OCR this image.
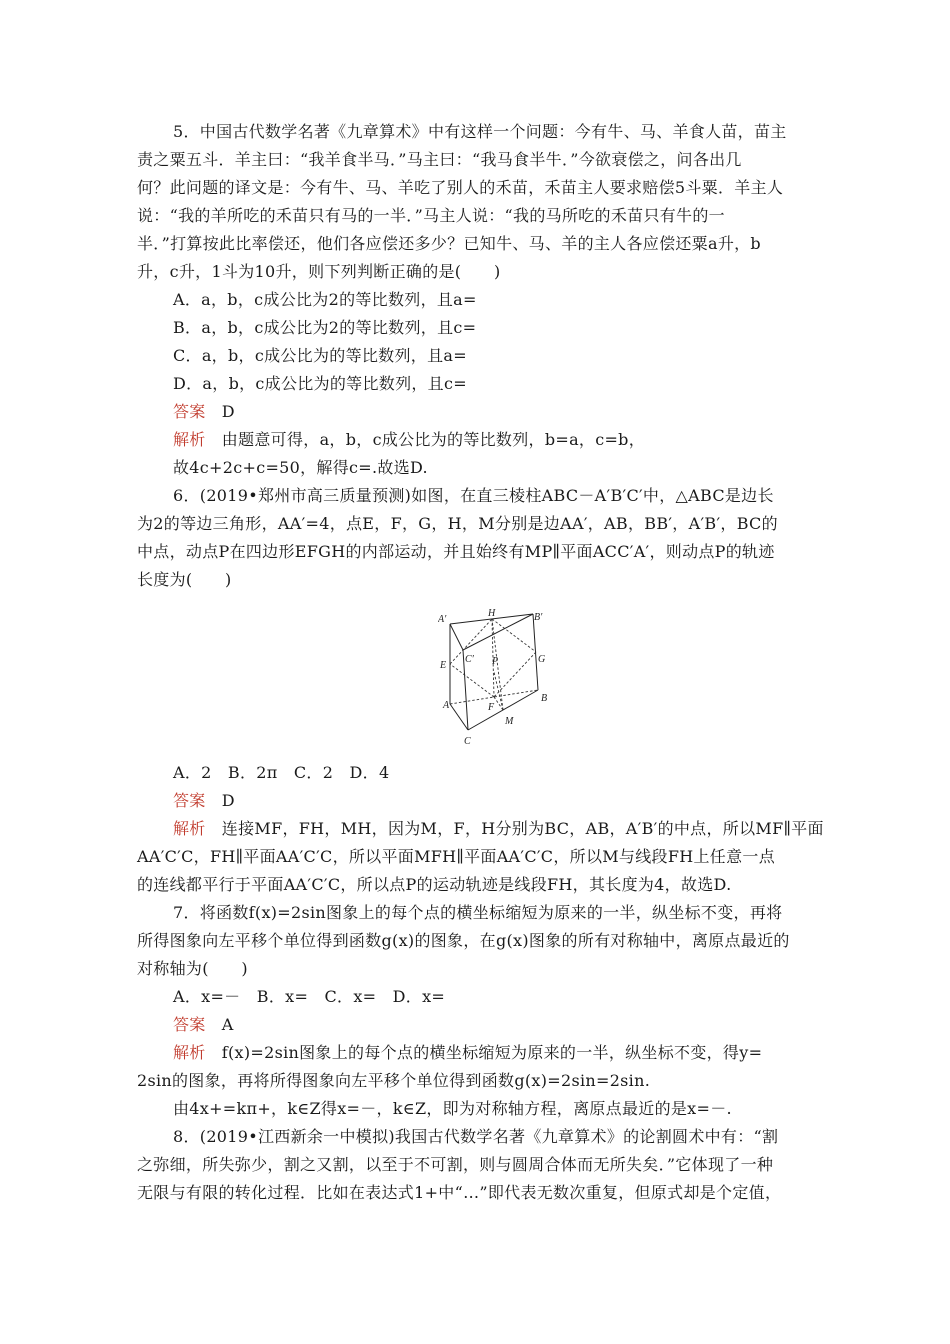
5．中国古代数学名著《九章算术》中有这样一个问题：今有牛、马、羊食人苗，苗主
责之粟五斗．羊主曰：“我羊食半马．”马主曰：“我马食半牛．”今欲衰偿之，问各出几
何？此问题的译文是：今有牛、马、羊吃了别人的禾苗，禾苗主人要求赔偿5斗粟．羊主人
说：“我的羊所吃的禾苗只有马的一半．”马主人说：“我的马所吃的禾苗只有牛的一
半．”打算按此比率偿还，他们各应偿还多少？已知牛、马、羊的主人各应偿还粟a升，b
升，c升，1斗为10升，则下列判断正确的是(　　)
A．a，b，c成公比为2的等比数列，且a=
B．a，b，c成公比为2的等比数列，且c=
C．a，b，c成公比为的等比数列，且a=
D．a，b，c成公比为的等比数列，且c=
答案 D
解析 由题意可得，a，b，c成公比为的等比数列，b=a，c=b，
故4c+2c+c=50，解得c=.故选D.
6．(2019•郑州市高三质量预测)如图，在直三棱柱ABC－A′B′C′中，△ABC是边长
为2的等边三角形，AA′=4，点E，F，G，H，M分别是边AA′，AB，BB′，A′B′，BC的
中点，动点P在四边形EFGH的内部运动，并且始终有MP∥平面ACC′A′，则动点P的轨迹
长度为(　　)
A′
H	B′
C′ P
E
G
A	F
B
M
C
A．2　B．2π　C．2　D．4
答案 D
解析 连接MF，FH，MH，因为M，F，H分别为BC，AB，A′B′的中点，所以MF∥平面
AA′C′C，FH∥平面AA′C′C，所以平面MFH∥平面AA′C′C，所以M与线段FH上任意一点
的连线都平行于平面AA′C′C，所以点P的运动轨迹是线段FH，其长度为4，故选D.
7．将函数f(x)=2sin图象上的每个点的横坐标缩短为原来的一半，纵坐标不变，再将
所得图象向左平移个单位得到函数g(x)的图象，在g(x)图象的所有对称轴中，离原点最近的
对称轴为(　　)
A．x=－　B．x=　C．x=　D．x=
答案 A
解析 f(x)=2sin图象上的每个点的横坐标缩短为原来的一半，纵坐标不变，得y=
2sin的图象，再将所得图象向左平移个单位得到函数g(x)=2sin=2sin.
由4x+=kπ+，k∈Z得x=－，k∈Z，即为对称轴方程，离原点最近的是x=－.
8．(2019•江西新余一中模拟)我国古代数学名著《九章算术》的论割圆术中有：“割
之弥细，所失弥少，割之又割，以至于不可割，则与圆周合体而无所失矣．”它体现了一种
无限与有限的转化过程．比如在表达式1+中“…”即代表无数次重复，但原式却是个定值，
